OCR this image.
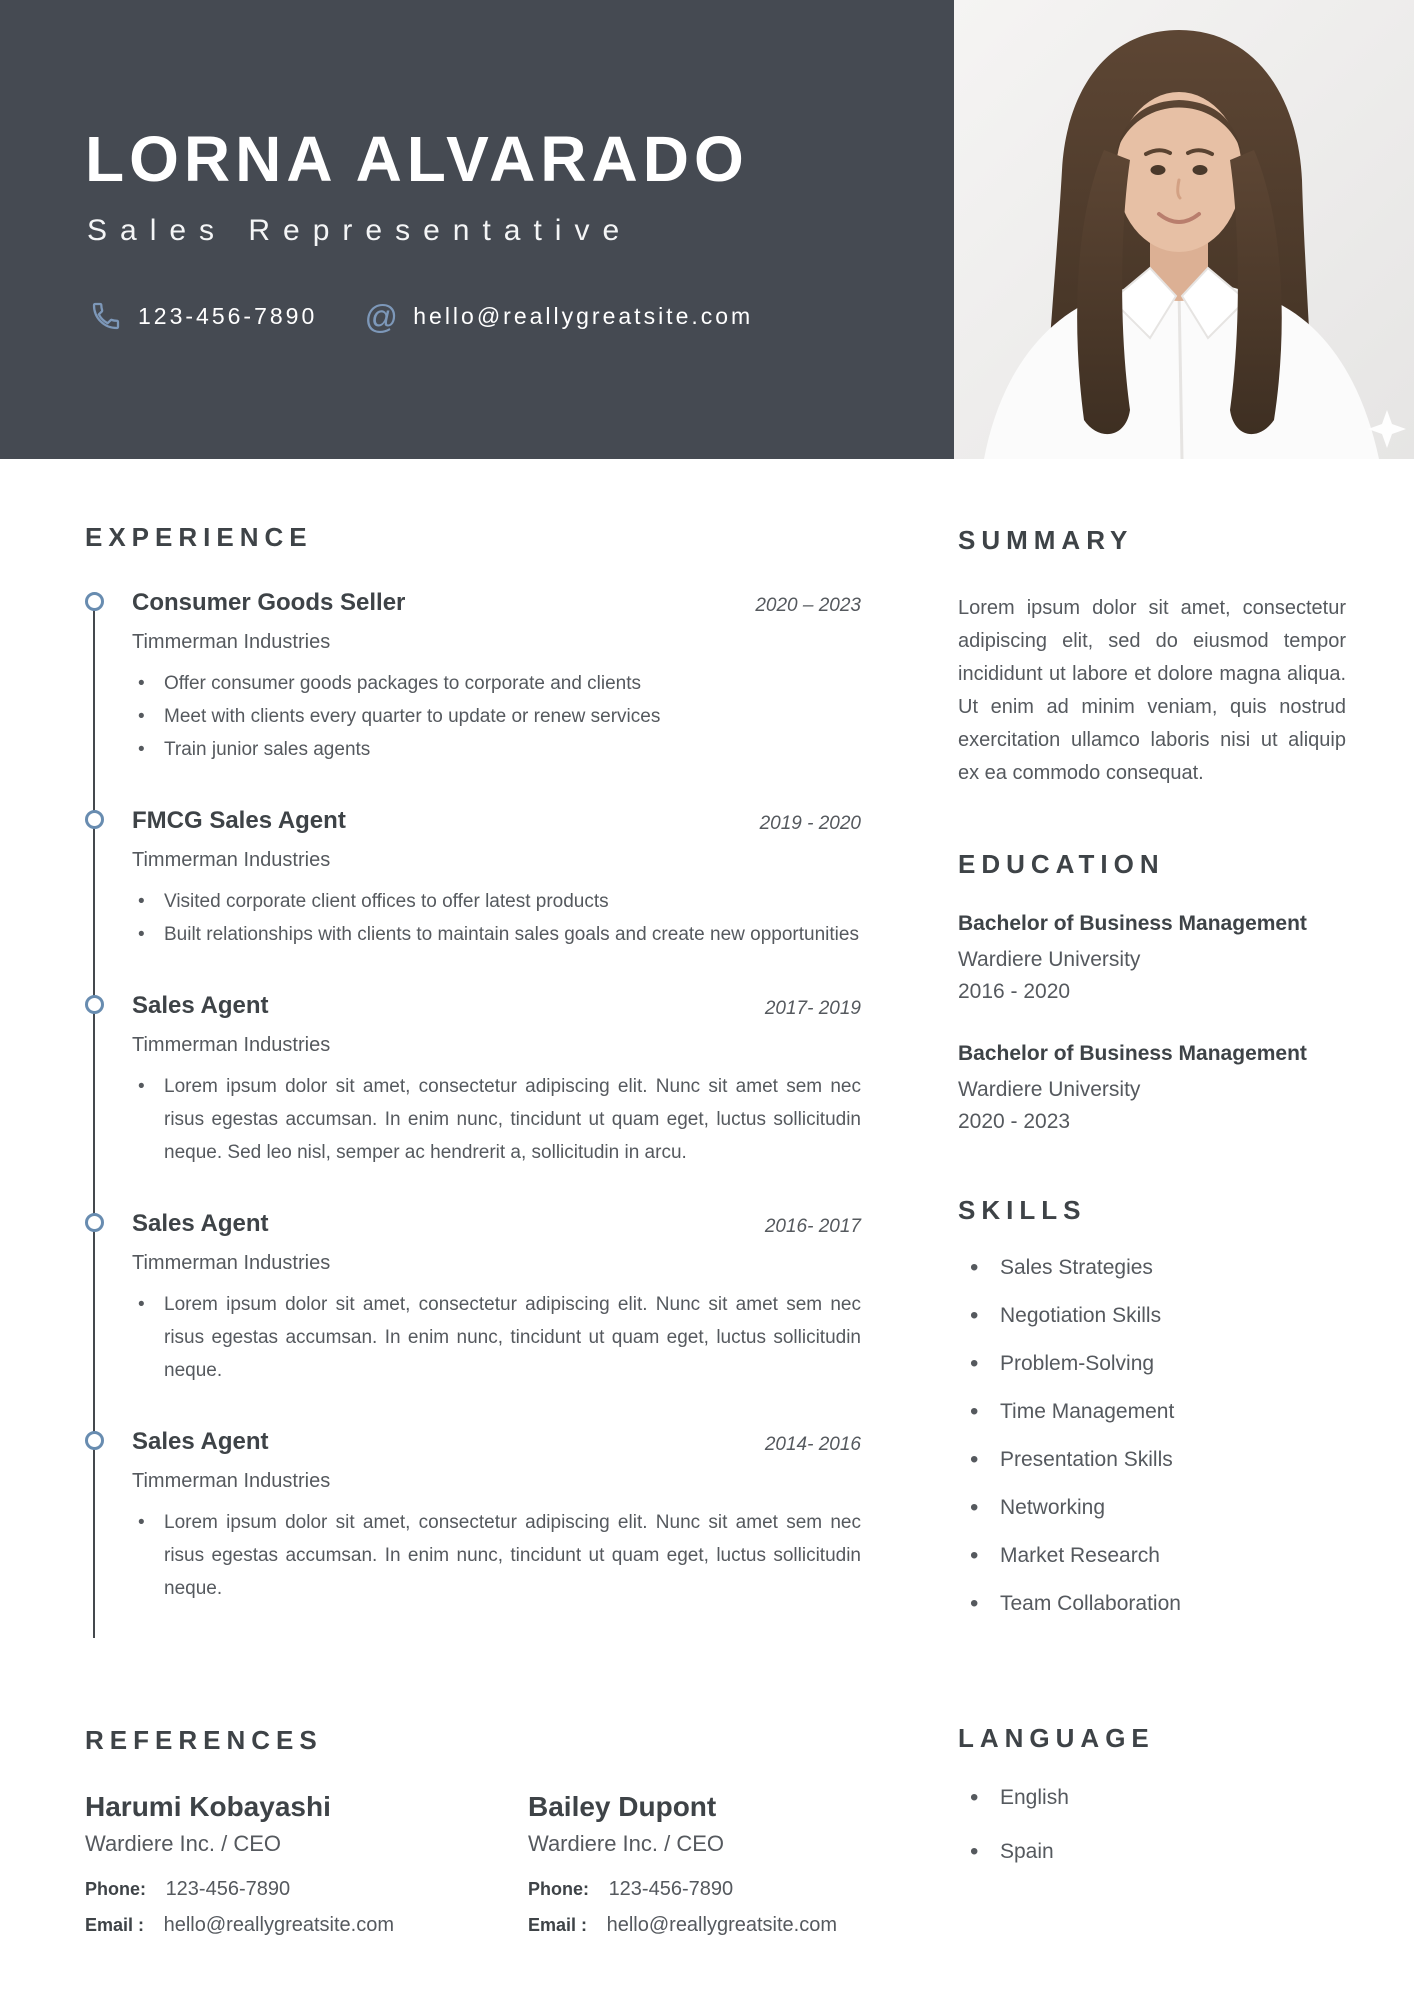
LORNA ALVARADO
Sales Representative
123-456-7890 @ hello@reallygreatsite.com
EXPERIENCE
Consumer Goods Seller	2020 – 2023
Timmerman Industries
• Offer consumer goods packages to corporate and clients
• Meet with clients every quarter to update or renew services
• Train junior sales agents
FMCG Sales Agent	2019 - 2020
Timmerman Industries
• Visited corporate client offices to offer latest products
• Built relationships with clients to maintain sales goals and create new opportunities
Sales Agent	2017- 2019
Timmerman Industries
• Lorem ipsum dolor sit amet, consectetur adipiscing elit. Nunc sit amet sem nec risus egestas accumsan. In enim nunc, tincidunt ut quam eget, luctus sollicitudin neque. Sed leo nisl, semper ac hendrerit a, sollicitudin in arcu.
Sales Agent	2016- 2017
Timmerman Industries
• Lorem ipsum dolor sit amet, consectetur adipiscing elit. Nunc sit amet sem nec risus egestas accumsan. In enim nunc, tincidunt ut quam eget, luctus sollicitudin neque.
Sales Agent	2014- 2016
Timmerman Industries
• Lorem ipsum dolor sit amet, consectetur adipiscing elit. Nunc sit amet sem nec risus egestas accumsan. In enim nunc, tincidunt ut quam eget, luctus sollicitudin neque.
SUMMARY
Lorem ipsum dolor sit amet, consectetur adipiscing elit, sed do eiusmod tempor incididunt ut labore et dolore magna aliqua. Ut enim ad minim veniam, quis nostrud exercitation ullamco laboris nisi ut aliquip ex ea commodo consequat.
EDUCATION
Bachelor of Business Management
Wardiere University
2016 - 2020
Bachelor of Business Management
Wardiere University
2020 - 2023
SKILLS
• Sales Strategies
• Negotiation Skills
• Problem-Solving
• Time Management
• Presentation Skills
• Networking
• Market Research
• Team Collaboration
REFERENCES
Harumi Kobayashi
Wardiere Inc. / CEO
Phone: 123-456-7890
Email : hello@reallygreatsite.com
Bailey Dupont
Wardiere Inc. / CEO
Phone: 123-456-7890
Email : hello@reallygreatsite.com
LANGUAGE
• English
• Spain
